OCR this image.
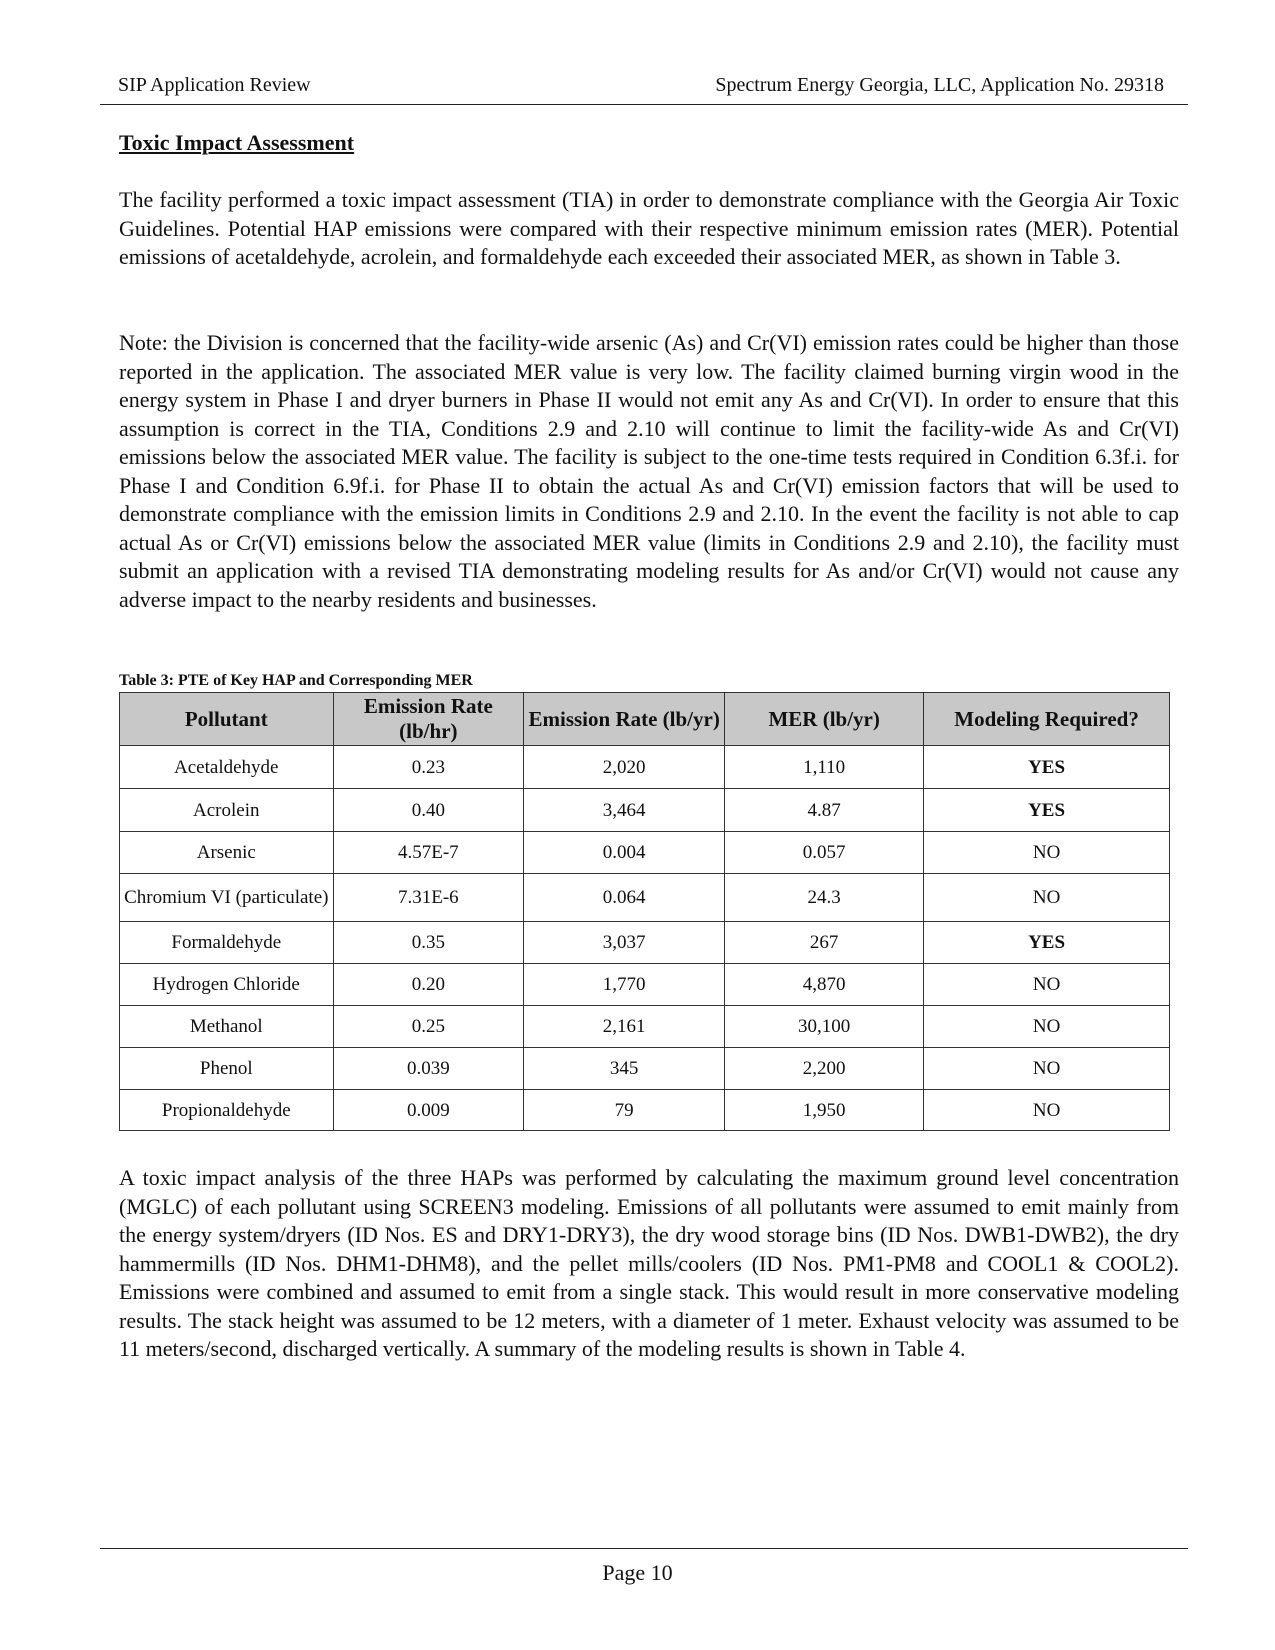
SIP Application Review	Spectrum Energy Georgia, LLC, Application No. 29318
Toxic Impact Assessment

The facility performed a toxic impact assessment (TIA) in order to demonstrate compliance with the Georgia Air Toxic Guidelines. Potential HAP emissions were compared with their respective minimum emission rates (MER). Potential emissions of acetaldehyde, acrolein, and formaldehyde each exceeded their associated MER, as shown in Table 3.

Note: the Division is concerned that the facility-wide arsenic (As) and Cr(VI) emission rates could be higher than those reported in the application. The associated MER value is very low. The facility claimed burning virgin wood in the energy system in Phase I and dryer burners in Phase II would not emit any As and Cr(VI). In order to ensure that this assumption is correct in the TIA, Conditions 2.9 and 2.10 will continue to limit the facility-wide As and Cr(VI) emissions below the associated MER value. The facility is subject to the one-time tests required in Condition 6.3f.i. for Phase I and Condition 6.9f.i. for Phase II to obtain the actual As and Cr(VI) emission factors that will be used to demonstrate compliance with the emission limits in Conditions 2.9 and 2.10. In the event the facility is not able to cap actual As or Cr(VI) emissions below the associated MER value (limits in Conditions 2.9 and 2.10), the facility must submit an application with a revised TIA demonstrating modeling results for As and/or Cr(VI) would not cause any adverse impact to the nearby residents and businesses.

Table 3: PTE of Key HAP and Corresponding MER

Pollutant	Emission Rate (lb/hr)	Emission Rate (lb/yr)	MER (lb/yr)	Modeling Required?
Acetaldehyde	0.23	2,020	1,110	YES
Acrolein	0.40	3,464	4.87	YES
Arsenic	4.57E-7	0.004	0.057	NO
Chromium VI (particulate)	7.31E-6	0.064	24.3	NO
Formaldehyde	0.35	3,037	267	YES
Hydrogen Chloride	0.20	1,770	4,870	NO
Methanol	0.25	2,161	30,100	NO
Phenol	0.039	345	2,200	NO
Propionaldehyde	0.009	79	1,950	NO

A toxic impact analysis of the three HAPs was performed by calculating the maximum ground level concentration (MGLC) of each pollutant using SCREEN3 modeling. Emissions of all pollutants were assumed to emit mainly from the energy system/dryers (ID Nos. ES and DRY1-DRY3), the dry wood storage bins (ID Nos. DWB1-DWB2), the dry hammermills (ID Nos. DHM1-DHM8), and the pellet mills/coolers (ID Nos. PM1-PM8 and COOL1 & COOL2). Emissions were combined and assumed to emit from a single stack. This would result in more conservative modeling results. The stack height was assumed to be 12 meters, with a diameter of 1 meter. Exhaust velocity was assumed to be 11 meters/second, discharged vertically. A summary of the modeling results is shown in Table 4.

Page 10
